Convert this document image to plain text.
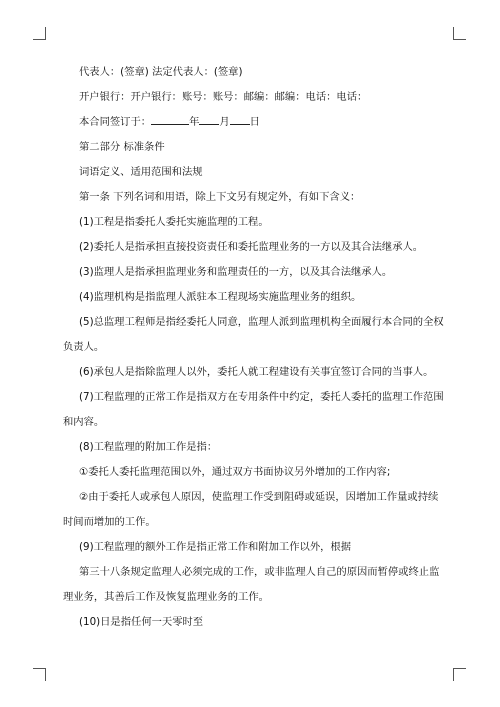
代表人：(签章) 法定代表人：(签章)

开户银行：开户银行：账号：账号：邮编：邮编：电话：电话：

本合同签订于：	年 月 日

第二部分 标准条件

词语定义、适用范围和法规

第一条 下列名词和用语，除上下文另有规定外，有如下含义：

(1)工程是指委托人委托实施监理的工程。

(2)委托人是指承担直接投资责任和委托监理业务的一方以及其合法继承人。

(3)监理人是指承担监理业务和监理责任的一方，以及其合法继承人。

(4)监理机构是指监理人派驻本工程现场实施监理业务的组织。

(5)总监理工程师是指经委托人同意，监理人派到监理机构全面履行本合同的全权

负责人。

(6)承包人是指除监理人以外，委托人就工程建设有关事宜签订合同的当事人。

(7)工程监理的正常工作是指双方在专用条件中约定，委托人委托的监理工作范围

和内容。

(8)工程监理的附加工作是指：

①委托人委托监理范围以外，通过双方书面协议另外增加的工作内容;

②由于委托人或承包人原因，使监理工作受到阻碍或延误，因增加工作量或持续

时间而增加的工作。

(9)工程监理的额外工作是指正常工作和附加工作以外，根据

第三十八条规定监理人必须完成的工作，或非监理人自己的原因而暂停或终止监

理业务，其善后工作及恢复监理业务的工作。

(10)日是指任何一天零时至
